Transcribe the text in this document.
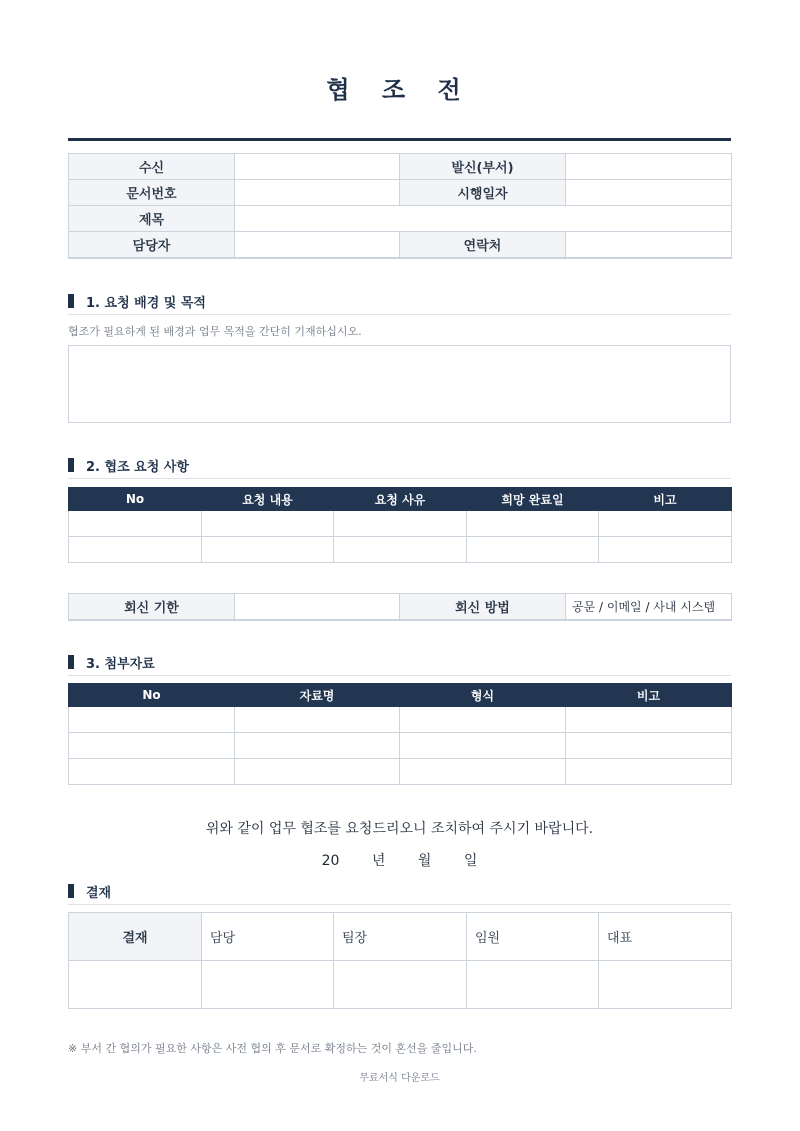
협 조 전
수신		발신(부서)	
문서번호		시행일자	
제목			
담당자		연락처	
1. 요청 배경 및 목적
협조가 필요하게 된 배경과 업무 목적을 간단히 기재하십시오.
2. 협조 요청 사항
No	요청 내용	요청 사유	희망 완료일	비고

회신 기한		회신 방법	공문 / 이메일 / 사내 시스템
3. 첨부자료
No	자료명	형식	비고

위와 같이 업무 협조를 요청드리오니 조치하여 주시기 바랍니다.
20 년 월 일
결재
결재	담당	팀장	임원	대표

※ 부서 간 협의가 필요한 사항은 사전 협의 후 문서로 확정하는 것이 혼선을 줄입니다.
무료서식 다운로드
